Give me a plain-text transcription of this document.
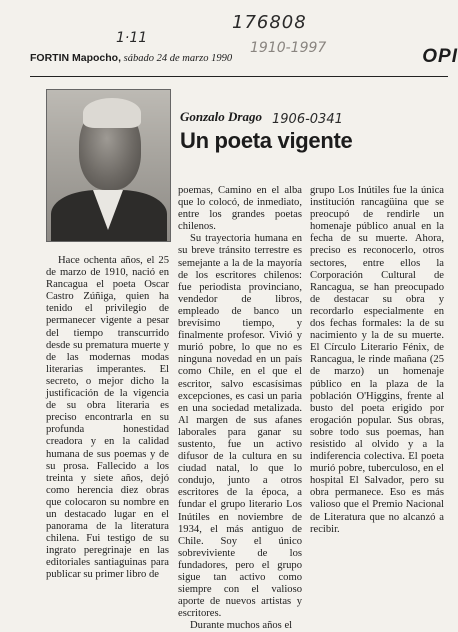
1·11
176808
1910-1997
1906-0341
FORTIN Mapocho, sábado 24 de marzo 1990	OPI
Gonzalo Drago
Un poeta vigente

Hace ochenta años, el 25 de marzo de 1910, nació en Rancagua el poeta Oscar Castro Zúñiga, quien ha tenido el privilegio de permanecer vigente a pesar del tiempo transcurrido desde su prematura muerte y de las modernas modas literarias imperantes. El secreto, o mejor dicho la justificación de la vigencia de su obra literaria es preciso encontrarla en su profunda honestidad creadora y en la calidad humana de sus poemas y de su prosa. Fallecido a los treinta y siete años, dejó como herencia diez obras que colocaron su nombre en un destacado lugar en el panorama de la literatura chilena. Fui testigo de su ingrato peregrinaje en las editoriales santiaguinas para publicar su primer libro de

poemas, Camino en el alba que lo colocó, de inmediato, entre los grandes poetas chilenos.

Su trayectoria humana en su breve tránsito terrestre es semejante a la de la mayoría de los escritores chilenos: fue periodista provinciano, vendedor de libros, empleado de banco un brevísimo tiempo, y finalmente profesor. Vivió y murió pobre, lo que no es ninguna novedad en un país como Chile, en el que el escritor, salvo escasísimas excepciones, es casi un paria en una sociedad metalizada. Al margen de sus afanes laborales para ganar su sustento, fue un activo difusor de la cultura en su ciudad natal, lo que lo condujo, junto a otros escritores de la época, a fundar el grupo literario Los Inútiles en noviembre de 1934, el más antiguo de Chile. Soy el único sobreviviente de los fundadores, pero el grupo sigue tan activo como siempre con el valioso aporte de nuevos artistas y escritores.

Durante muchos años el

grupo Los Inútiles fue la única institución rancagüina que se preocupó de rendirle un homenaje público anual en la fecha de su muerte. Ahora, preciso es reconocerlo, otros sectores, entre ellos la Corporación Cultural de Rancagua, se han preocupado de destacar su obra y recordarlo especialmente en dos fechas formales: la de su nacimiento y la de su muerte. El Círculo Literario Fénix, de Rancagua, le rinde mañana (25 de marzo) un homenaje público en la plaza de la población O'Higgins, frente al busto del poeta erigido por erogación popular. Sus obras, sobre todo sus poemas, han resistido al olvido y a la indiferencia colectiva. El poeta murió pobre, tuberculoso, en el hospital El Salvador, pero su obra permanece. Eso es más valioso que el Premio Nacional de Literatura que no alcanzó a recibir.
